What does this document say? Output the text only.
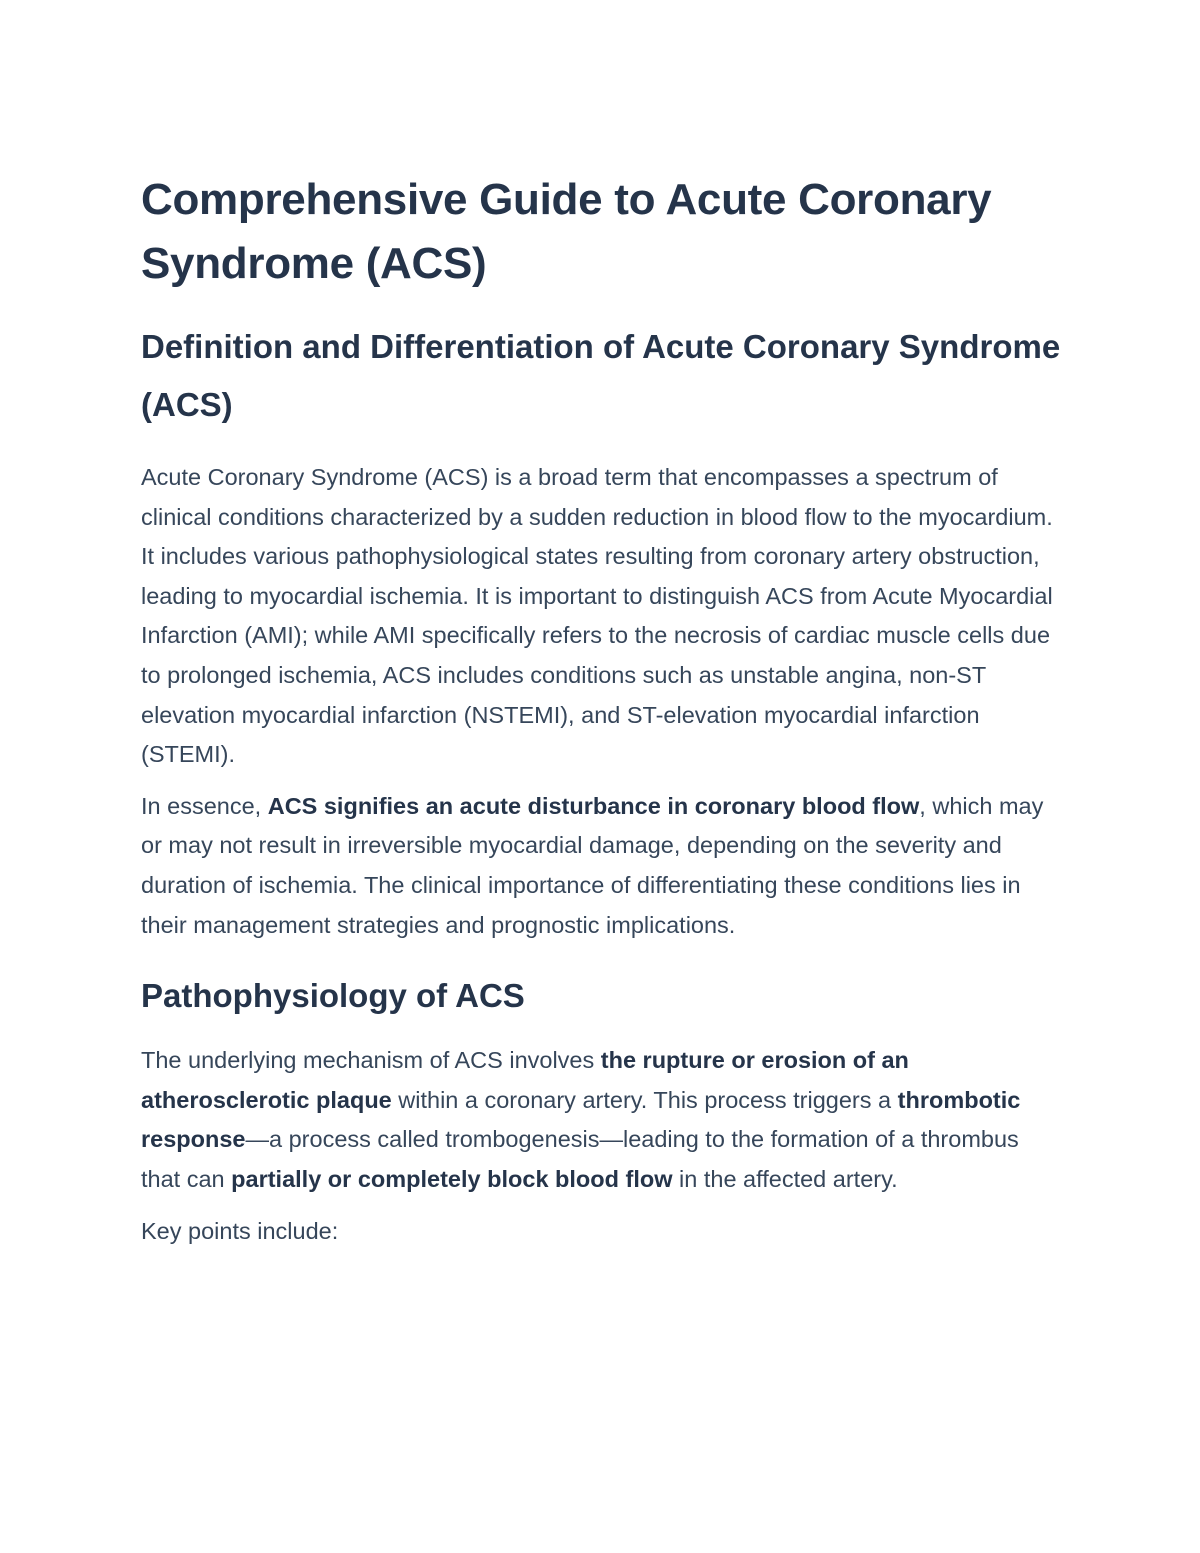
Comprehensive Guide to Acute Coronary Syndrome (ACS)
Definition and Differentiation of Acute Coronary Syndrome (ACS)

Acute Coronary Syndrome (ACS) is a broad term that encompasses a spectrum of clinical conditions characterized by a sudden reduction in blood flow to the myocardium. It includes various pathophysiological states resulting from coronary artery obstruction, leading to myocardial ischemia. It is important to distinguish ACS from Acute Myocardial Infarction (AMI); while AMI specifically refers to the necrosis of cardiac muscle cells due to prolonged ischemia, ACS includes conditions such as unstable angina, non-ST elevation myocardial infarction (NSTEMI), and ST-elevation myocardial infarction (STEMI).

In essence, ACS signifies an acute disturbance in coronary blood flow, which may or may not result in irreversible myocardial damage, depending on the severity and duration of ischemia. The clinical importance of differentiating these conditions lies in their management strategies and prognostic implications.

Pathophysiology of ACS

The underlying mechanism of ACS involves the rupture or erosion of an atherosclerotic plaque within a coronary artery. This process triggers a thrombotic response—a process called trombogenesis—leading to the formation of a thrombus that can partially or completely block blood flow in the affected artery.

Key points include:
